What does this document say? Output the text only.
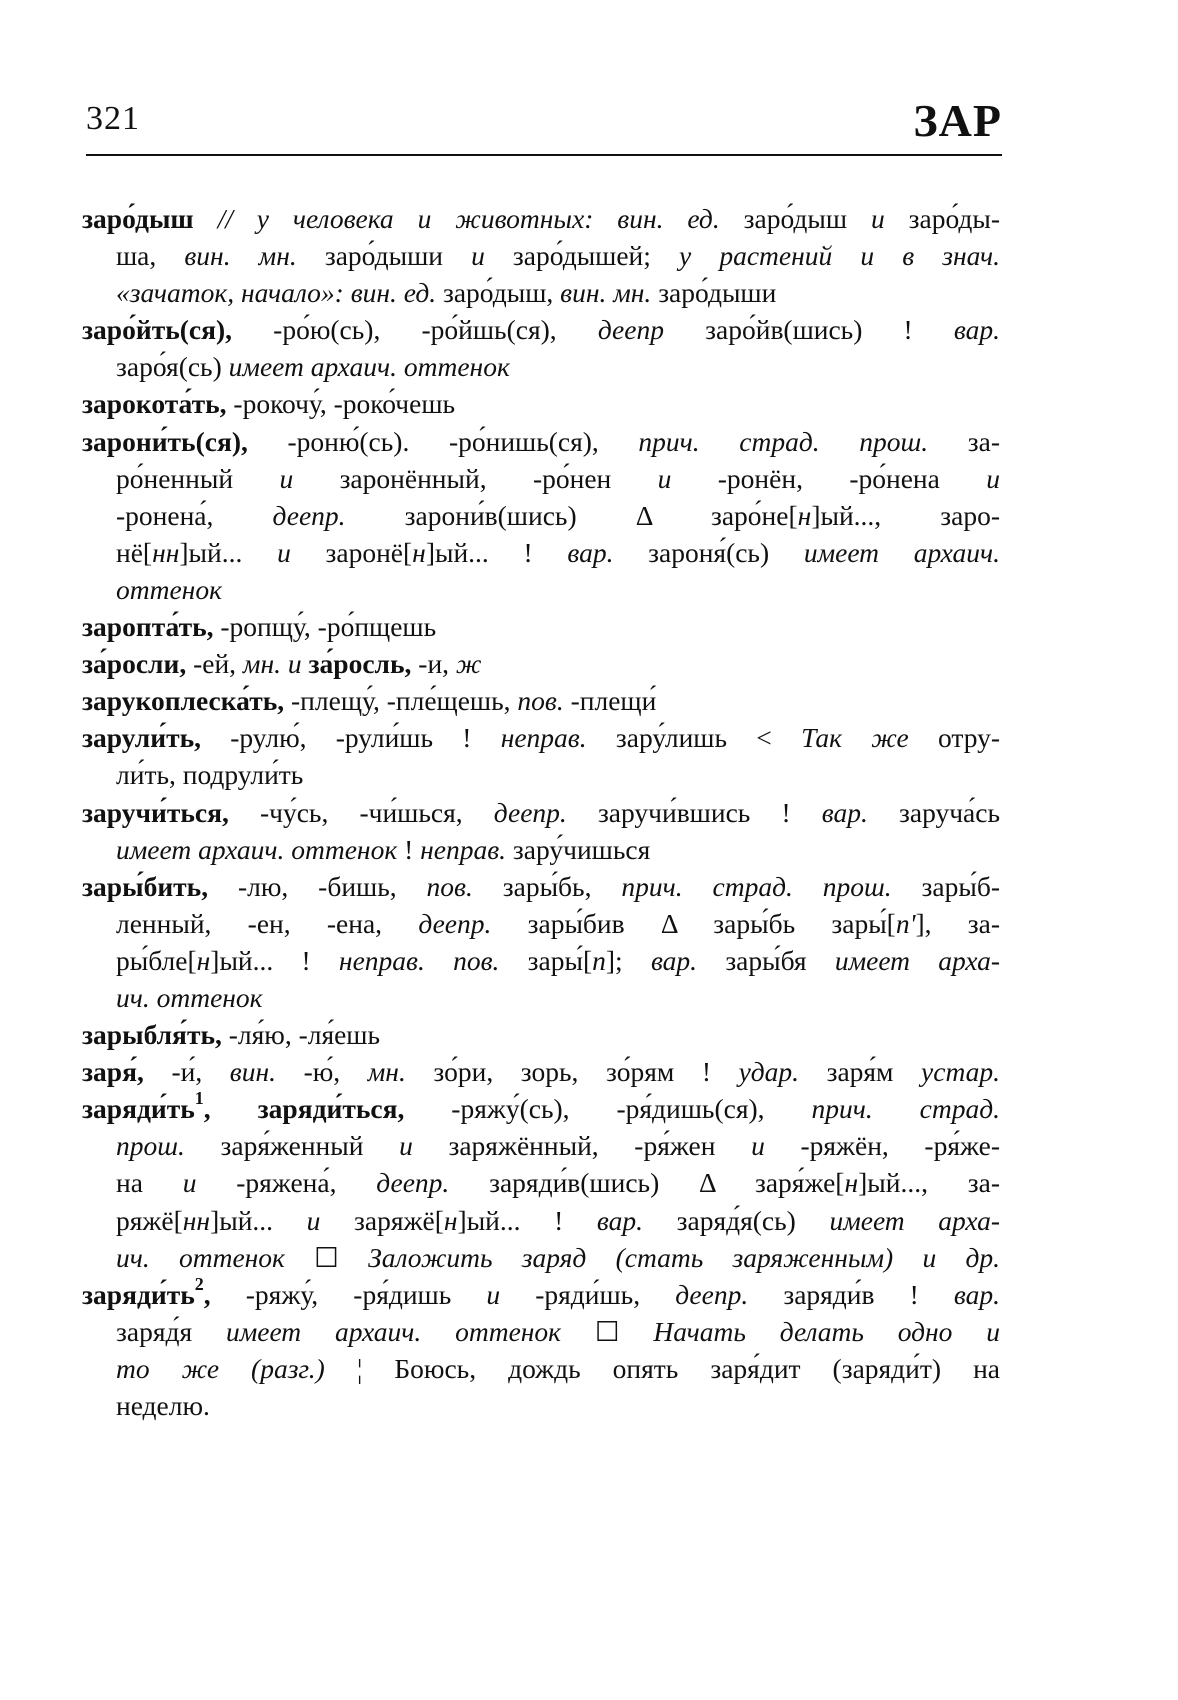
321	ЗАР
заро́дыш // у человека и животных: вин. ед. заро́дыш и заро́ды-
ша, вин. мн. заро́дыши и заро́дышей; у растений и в знач.
«зачаток, начало»: вин. ед. заро́дыш, вин. мн. заро́дыши
заро́йть(ся), -ро́ю(сь), -ро́йшь(ся), деепр заро́йв(шись) ! вар.
заро́я(сь) имеет архаич. оттенок
зарокота́ть, -рокочу́, -роко́чешь
зарони́ть(ся), -роню́(сь). -ро́нишь(ся), прич. страд. прош. за-
ро́ненный и заронённый, -ро́нен и -ронён, -ро́нена и
-ронена́, деепр. зарони́в(шись) Δ заро́не[н]ый..., заро-
нё[нн]ый... и заронё[н]ый... ! вар. зароня́(сь) имеет архаич.
оттенок
заропта́ть, -ропщу́, -ро́пщешь
за́росли, -ей, мн. и за́росль, -и, ж
зарукоплеска́ть, -плещу́, -пле́щешь, пов. -плещи́
зарули́ть, -рулю́, -рули́шь ! неправ. зару́лишь < Так же отру-
ли́ть, подрули́ть
заручи́ться, -чу́сь, -чи́шься, деепр. заручи́вшись ! вар. заруча́сь
имеет архаич. оттенок ! неправ. зару́чишься
зары́бить, -лю, -бишь, пов. зары́бь, прич. страд. прош. зары́б-
ленный, -ен, -ена, деепр. зары́бив Δ зары́бь зары́[п'], за-
ры́бле[н]ый... ! неправ. пов. зары́[п]; вар. зары́бя имеет арха-
ич. оттенок
зарыбля́ть, -ля́ю, -ля́ешь
заря́, -и́, вин. -ю́, мн. зо́ри, зорь, зо́рям ! удар. заря́м устар.
$заряди́ть^1$, заряди́ться, -ряжу́(сь), -ря́дишь(ся), прич. страд.
прош. заря́женный и заряжённый, -ря́жен и -ряжён, -ря́же-
на и -ряжена́, деепр. заряди́в(шись) Δ заря́же[н]ый..., за-
ряжё[нн]ый... и заряжё[н]ый... ! вар. заряд́я(сь) имеет арха-
ич. оттенок ☐ Заложить заряд (стать заряженным) и др.
$заряди́ть^2$, -ряжу́, -ря́дишь и -ряди́шь, деепр. заряди́в ! вар.
заряд́я имеет архаич. оттенок ☐ Начать делать одно и
то же (разг.) ¦ Боюсь, дождь опять заря́дит (заряди́т) на
неделю.
